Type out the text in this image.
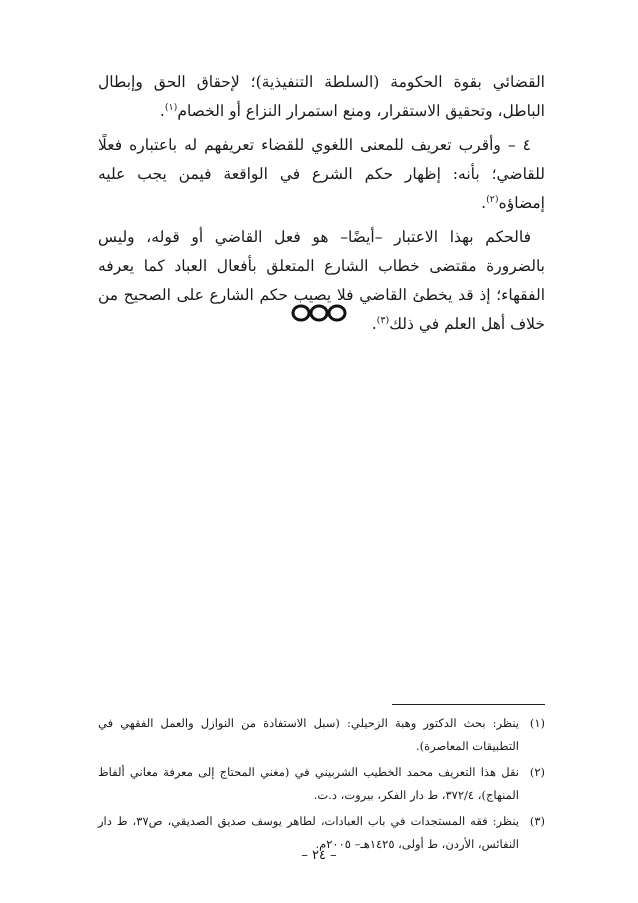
القضائي بقوة الحكومة (السلطة التنفيذية)؛ لإحقاق الحق وإبطال الباطل، وتحقيق الاستقرار، ومنع استمرار النزاع أو الخصام$^{(١)}$.

٤ – وأقرب تعريف للمعنى اللغوي للقضاء تعريفهم له باعتباره فعلًا للقاضي؛ بأنه: إظهار حكم الشرع في الواقعة فيمن يجب عليه إمضاؤه$^{(٢)}$.

فالحكم بهذا الاعتبار –أيضًا– هو فعل القاضي أو قوله، وليس بالضرورة مقتضى خطاب الشارع المتعلق بأفعال العباد كما يعرفه الفقهاء؛ إذ قد يخطئ القاضي فلا يصيب حكم الشارع على الصحيح من خلاف أهل العلم في ذلك$^{(٣)}$.

(١)
ينظر: بحث الدكتور وهبة الزحيلي: (سبل الاستفادة من النوازل والعمل الفقهي في التطبيقات المعاصرة).
(٢)
نقل هذا التعريف محمد الخطيب الشربيني في (مغني المحتاج إلى معرفة معاني ألفاظ المنهاج)، ٣٧٢/٤، ط دار الفكر، بيروت، د.ت.
(٣)
ينظر: فقه المستجدات في باب العبادات، لطاهر يوسف صديق الصديقي، ص٣٧، ط دار النفائس، الأردن، ط أولى، ١٤٢٥هـ– ٢٠٠٥م.
– ٢٤ –
